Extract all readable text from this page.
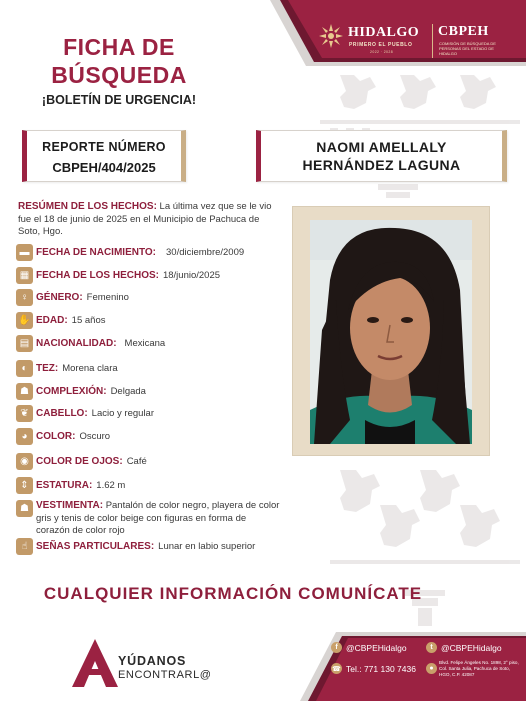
HIDALGO
PRIMERO EL PUEBLO
2022 · 2028
CBPEH
COMISIÓN DE BÚSQUEDA DE PERSONAS DEL ESTADO DE HIDALGO
FICHA DE
BÚSQUEDA
¡BOLETÍN DE URGENCIA!
REPORTE NÚMERO
CBPEH/404/2025
NAOMI AMELLALY
HERNÁNDEZ LAGUNA
RESÚMEN DE LOS HECHOS: La última vez que se le vio fue el 18 de junio de 2025 en el Municipio de Pachuca de Soto, Hgo.
▬ FECHA DE NACIMIENTO: 30/diciembre/2009
▦ FECHA DE LOS HECHOS: 18/junio/2025
♀ GÉNERO: Femenino
✋ EDAD: 15 años
▤ NACIONALIDAD: Mexicana
◐ TEZ: Morena clara
☗ COMPLEXIÓN: Delgada
❦ CABELLO: Lacio y regular
◕ COLOR: Oscuro
◉ COLOR DE OJOS: Café
⇕ ESTATURA: 1.62 m
☗ VESTIMENTA: Pantalón de color negro, playera de color gris y tenis de color beige con figuras en forma de corazón de color rojo
☝ SEÑAS PARTICULARES: Lunar en labio superior
CUALQUIER INFORMACIÓN COMUNÍCATE
YÚDANOS
ENCONTRARL@
f @CBPEHidalgo	t @CBPEHidalgo
☎ Tel.: 771 130 7436	●
Blvd. Felipe Ángeles No. 1898, 2° piso, Col. Santa Julia, Pachuca de Soto, HGO, C.P. 42087
